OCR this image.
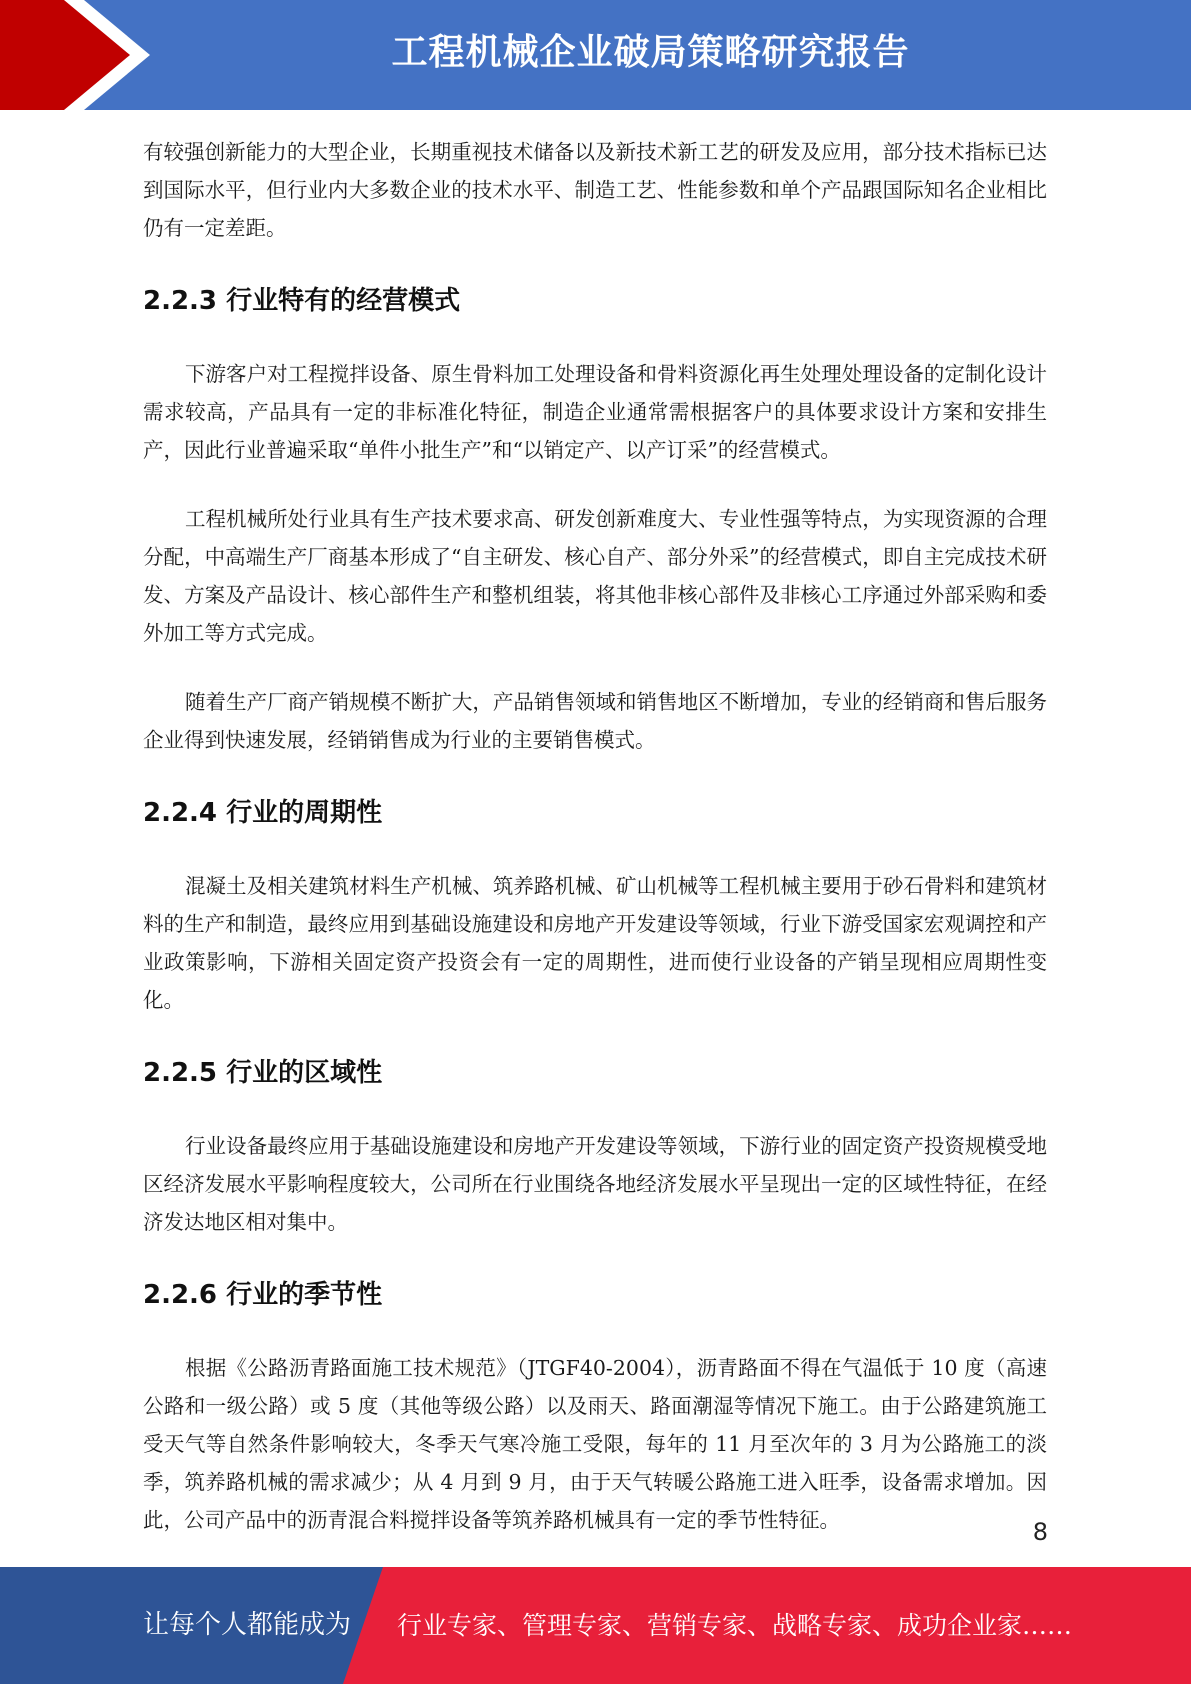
工程机械企业破局策略研究报告

有较强创新能力的大型企业，长期重视技术储备以及新技术新工艺的研发及应用，部分技术指标已达到国际水平，但行业内大多数企业的技术水平、制造工艺、性能参数和单个产品跟国际知名企业相比仍有一定差距。

2.2.3 行业特有的经营模式

下游客户对工程搅拌设备、原生骨料加工处理设备和骨料资源化再生处理处理设备的定制化设计需求较高，产品具有一定的非标准化特征，制造企业通常需根据客户的具体要求设计方案和安排生产，因此行业普遍采取“单件小批生产”和“以销定产、以产订采”的经营模式。

工程机械所处行业具有生产技术要求高、研发创新难度大、专业性强等特点，为实现资源的合理分配，中高端生产厂商基本形成了“自主研发、核心自产、部分外采”的经营模式，即自主完成技术研发、方案及产品设计、核心部件生产和整机组装，将其他非核心部件及非核心工序通过外部采购和委外加工等方式完成。

随着生产厂商产销规模不断扩大，产品销售领域和销售地区不断增加，专业的经销商和售后服务企业得到快速发展，经销销售成为行业的主要销售模式。

2.2.4 行业的周期性

混凝土及相关建筑材料生产机械、筑养路机械、矿山机械等工程机械主要用于砂石骨料和建筑材料的生产和制造，最终应用到基础设施建设和房地产开发建设等领域，行业下游受国家宏观调控和产业政策影响，下游相关固定资产投资会有一定的周期性，进而使行业设备的产销呈现相应周期性变化。

2.2.5 行业的区域性

行业设备最终应用于基础设施建设和房地产开发建设等领域，下游行业的固定资产投资规模受地区经济发展水平影响程度较大，公司所在行业围绕各地经济发展水平呈现出一定的区域性特征，在经济发达地区相对集中。

2.2.6 行业的季节性

根据《公路沥青路面施工技术规范》（JTGF40-2004），沥青路面不得在气温低于 10 度（高速公路和一级公路）或 5 度（其他等级公路）以及雨天、路面潮湿等情况下施工。由于公路建筑施工受天气等自然条件影响较大，冬季天气寒冷施工受限，每年的 11 月至次年的 3 月为公路施工的淡季，筑养路机械的需求减少；从 4 月到 9 月，由于天气转暖公路施工进入旺季，设备需求增加。因此，公司产品中的沥青混合料搅拌设备等筑养路机械具有一定的季节性特征。	8
让每个人都能成为 行业专家、管理专家、营销专家、战略专家、成功企业家……
